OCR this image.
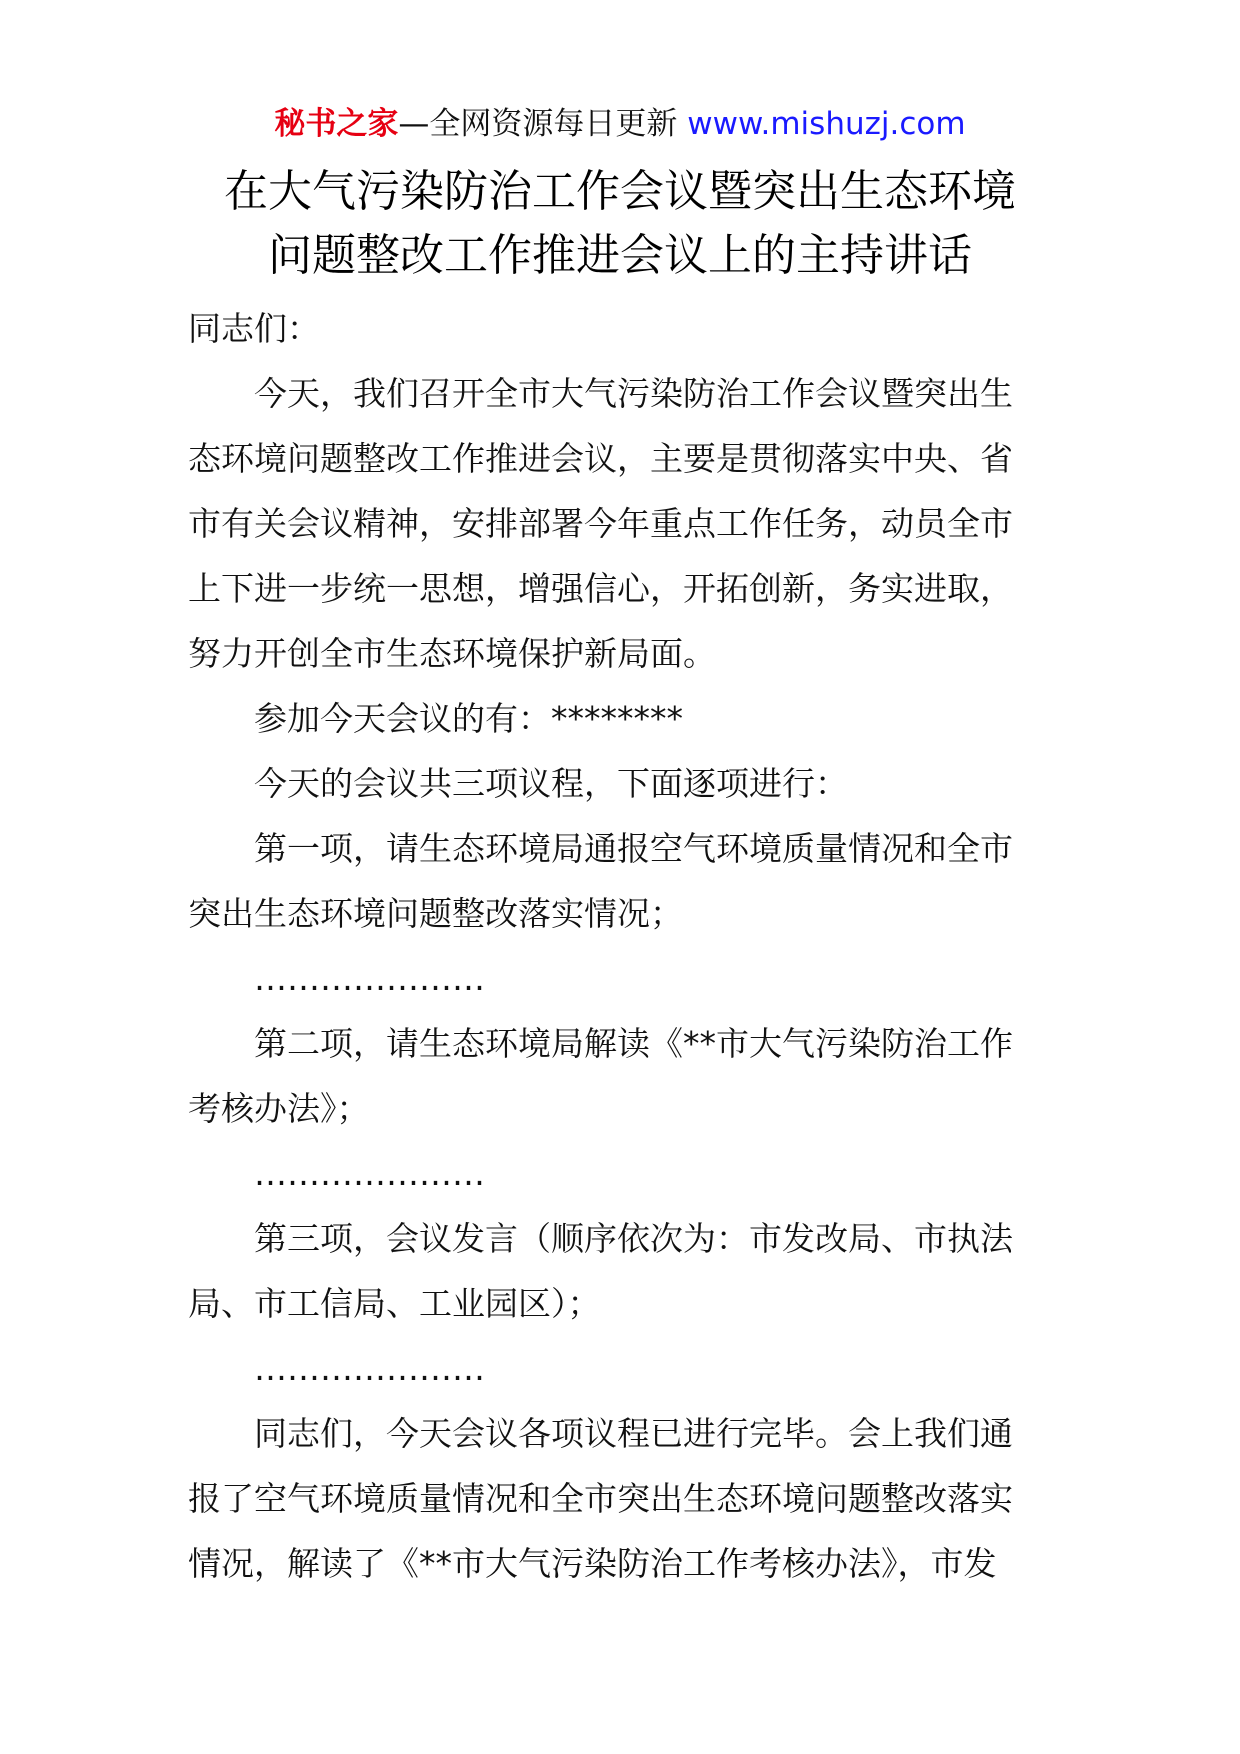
秘书之家—全网资源每日更新 www.mishuzj.com
在大气污染防治工作会议暨突出生态环境
问题整改工作推进会议上的主持讲话

同志们：

今天，我们召开全市大气污染防治工作会议暨突出生态环境问题整改工作推进会议，主要是贯彻落实中央、省市有关会议精神，安排部署今年重点工作任务，动员全市上下进一步统一思想，增强信心，开拓创新，务实进取，努力开创全市生态环境保护新局面。

参加今天会议的有：********

今天的会议共三项议程，下面逐项进行：

第一项，请生态环境局通报空气环境质量情况和全市突出生态环境问题整改落实情况；

…………………

第二项，请生态环境局解读《**市大气污染防治工作考核办法》；

…………………

第三项，会议发言（顺序依次为：市发改局、市执法局、市工信局、工业园区）；

…………………

同志们，今天会议各项议程已进行完毕。会上我们通报了空气环境质量情况和全市突出生态环境问题整改落实情况，解读了《**市大气污染防治工作考核办法》，市发
